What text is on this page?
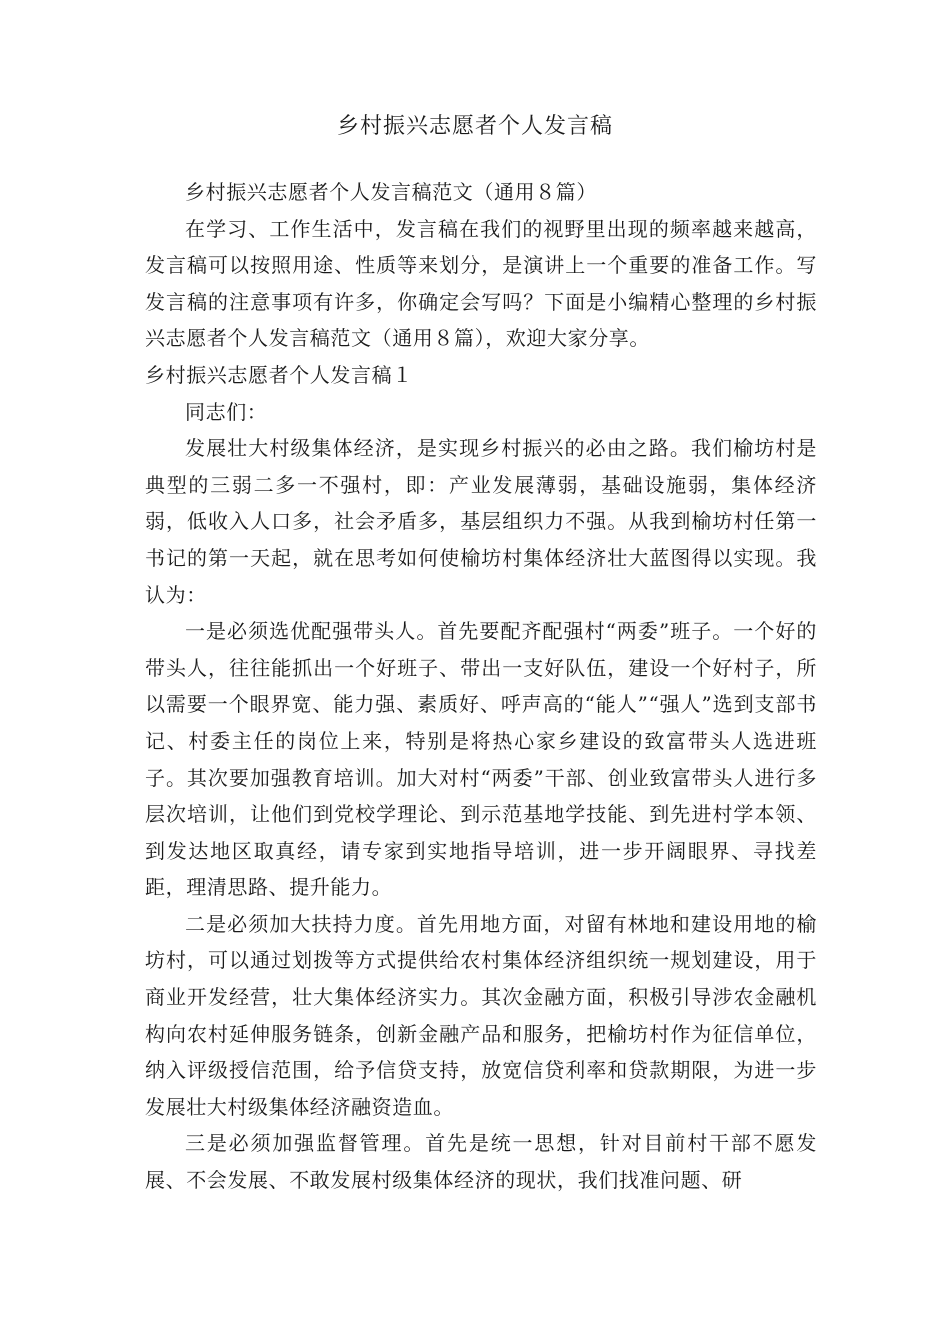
乡村振兴志愿者个人发言稿

乡村振兴志愿者个人发言稿范文（通用８篇）

在学习、工作生活中，发言稿在我们的视野里出现的频率越来越高，发言稿可以按照用途、性质等来划分，是演讲上一个重要的准备工作。写发言稿的注意事项有许多，你确定会写吗？下面是小编精心整理的乡村振兴志愿者个人发言稿范文（通用８篇），欢迎大家分享。

乡村振兴志愿者个人发言稿１

同志们：

发展壮大村级集体经济，是实现乡村振兴的必由之路。我们榆坊村是典型的三弱二多一不强村，即：产业发展薄弱，基础设施弱，集体经济弱，低收入人口多，社会矛盾多，基层组织力不强。从我到榆坊村任第一书记的第一天起，就在思考如何使榆坊村集体经济壮大蓝图得以实现。我认为：

一是必须选优配强带头人。首先要配齐配强村“两委”班子。一个好的带头人，往往能抓出一个好班子、带出一支好队伍，建设一个好村子，所以需要一个眼界宽、能力强、素质好、呼声高的“能人”“强人”选到支部书记、村委主任的岗位上来，特别是将热心家乡建设的致富带头人选进班子。其次要加强教育培训。加大对村“两委”干部、创业致富带头人进行多层次培训，让他们到党校学理论、到示范基地学技能、到先进村学本领、到发达地区取真经，请专家到实地指导培训，进一步开阔眼界、寻找差距，理清思路、提升能力。

二是必须加大扶持力度。首先用地方面，对留有林地和建设用地的榆坊村，可以通过划拨等方式提供给农村集体经济组织统一规划建设，用于商业开发经营，壮大集体经济实力。其次金融方面，积极引导涉农金融机构向农村延伸服务链条，创新金融产品和服务，把榆坊村作为征信单位，纳入评级授信范围，给予信贷支持，放宽信贷利率和贷款期限，为进一步发展壮大村级集体经济融资造血。

三是必须加强监督管理。首先是统一思想，针对目前村干部不愿发展、不会发展、不敢发展村级集体经济的现状，我们找准问题、研
